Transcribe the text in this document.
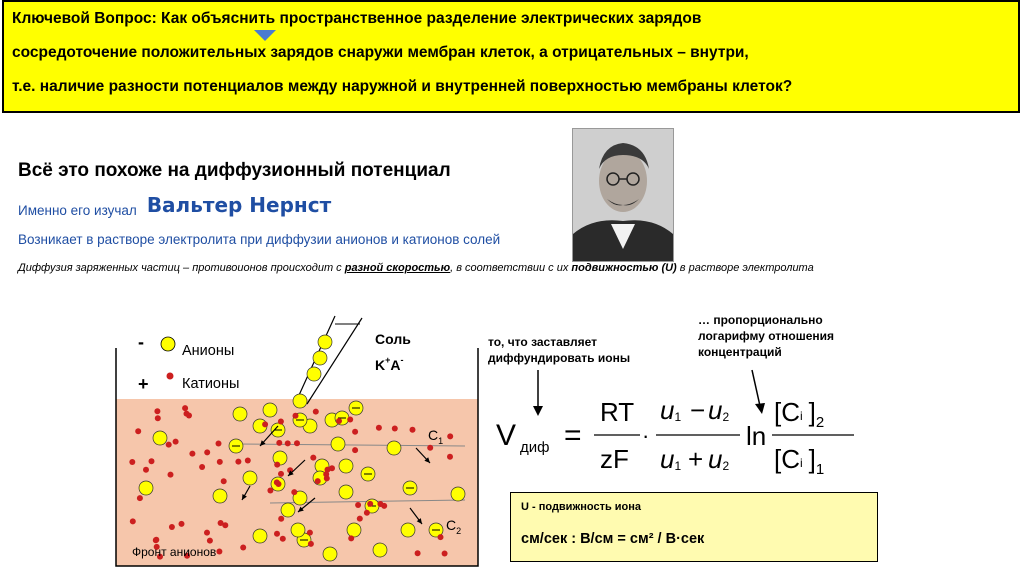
Ключевой Вопрос: Как объяснить пространственное разделение электрических зарядов
сосредоточение положительных зарядов снаружи мембран клеток, а отрицательных – внутри,
т.е. наличие разности потенциалов между наружной и внутренней поверхностью мембраны клеток?
Всё это похоже на диффузионный потенциал
Именно его изучал Вальтер Нернст
Возникает в растворе электролита при диффузии анионов и катионов солей
Диффузия заряженных частиц – противоионов происходит с разной скоростью, в соответствии с их подвижностью (U) в растворе электролита
-	Анионы
+ Катионы
Соль
K+A-
$C_1$
$C_2$
Фронт анионов
то, что заставляет
диффундировать ионы
… пропорционально
логарифму отношения
концентраций
V диф =
RT
zF
·
u1 − u2
u1 + u2
ln
[Ci ]$_2$
[Ci ]$_1$
U - подвижность иона
см/сек : В/см = см² / В·сек
